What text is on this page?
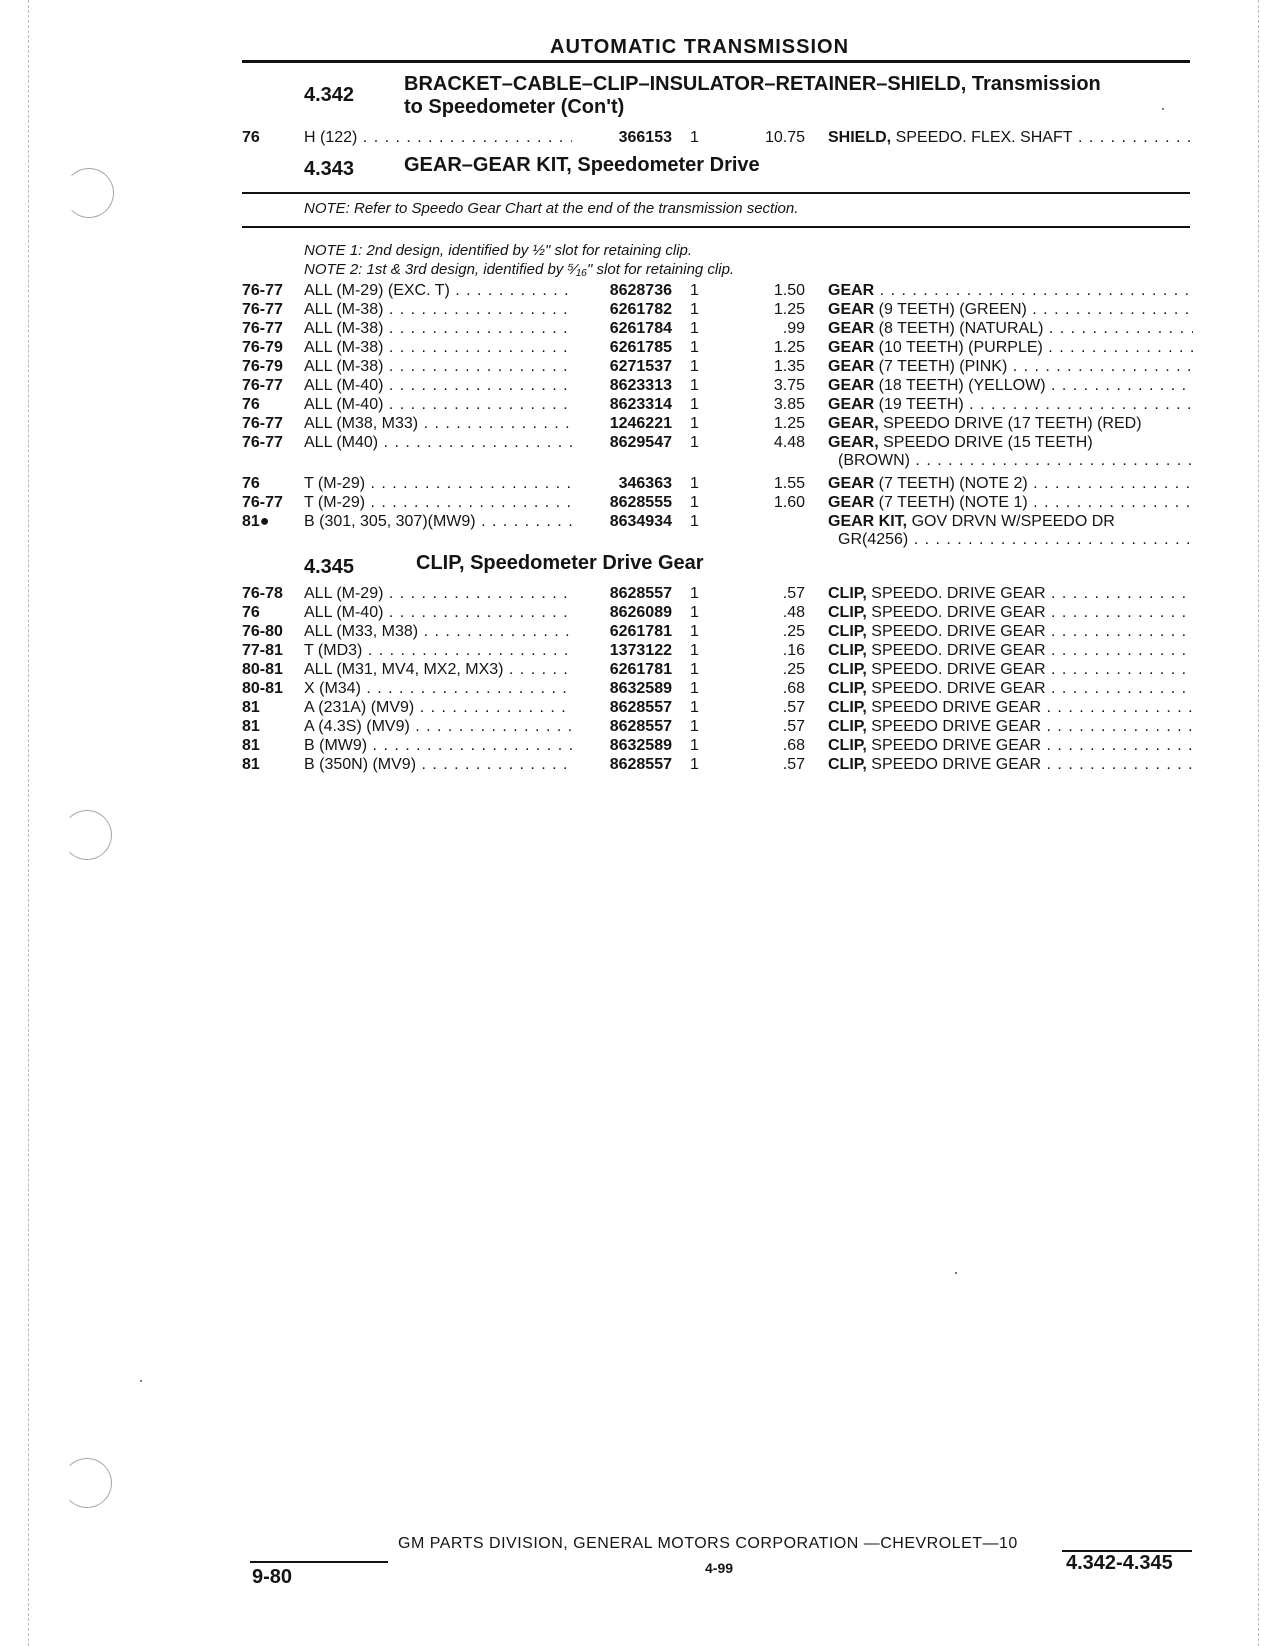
AUTOMATIC TRANSMISSION
4.342 BRACKET–CABLE–CLIP–INSULATOR–RETAINER–SHIELD, Transmission
to Speedometer (Con't)
76	H (122) . . .	366153 1	10.75 SHIELD, SPEEDO. FLEX. SHAFT . . .
4.343 GEAR–GEAR KIT, Speedometer Drive
NOTE: Refer to Speedo Gear Chart at the end of the transmission section.
NOTE 1: 2nd design, identified by ½" slot for retaining clip.
NOTE 2: 1st & 3rd design, identified by ⁵⁄₁₆" slot for retaining clip.
76-77	ALL (M-29) (EXC. T) . . .	8628736 1	1.50 GEAR . . .
76-77	ALL (M-38) . . .	6261782 1	1.25 GEAR (9 TEETH) (GREEN) . . .
76-77	ALL (M-38) . . .	6261784 1	.99 GEAR (8 TEETH) (NATURAL) . . .
76-79	ALL (M-38) . . .	6261785 1	1.25 GEAR (10 TEETH) (PURPLE) . . .
76-79	ALL (M-38) . . .	6271537 1	1.35 GEAR (7 TEETH) (PINK) . . .
76-77	ALL (M-40) . . .	8623313 1	3.75 GEAR (18 TEETH) (YELLOW) . . .
76	ALL (M-40) . . .	8623314 1	3.85 GEAR (19 TEETH) . . .
76-77	ALL (M38, M33) . . .	1246221 1	1.25 GEAR, SPEEDO DRIVE (17 TEETH) (RED)
76-77	ALL (M40) . . .	8629547 1	4.48 GEAR, SPEEDO DRIVE (15 TEETH)
(BROWN) . . .
76	T (M-29) . . .	346363 1	1.55 GEAR (7 TEETH) (NOTE 2) . . .
76-77	T (M-29) . . .	8628555 1	1.60 GEAR (7 TEETH) (NOTE 1) . . .
81●	B (301, 305, 307)(MW9) . . .	8634934 1	GEAR KIT, GOV DRVN W/SPEEDO DR
GR(4256) . . .
4.345	CLIP, Speedometer Drive Gear
76-78	ALL (M-29) . . .	8628557 1	.57 CLIP, SPEEDO. DRIVE GEAR . . .
76	ALL (M-40) . . .	8626089 1	.48 CLIP, SPEEDO. DRIVE GEAR . . .
76-80	ALL (M33, M38) . . .	6261781 1	.25 CLIP, SPEEDO. DRIVE GEAR . . .
77-81	T (MD3) . . .	1373122 1	.16 CLIP, SPEEDO. DRIVE GEAR . . .
80-81	ALL (M31, MV4, MX2, MX3) . . .	6261781 1	.25 CLIP, SPEEDO. DRIVE GEAR . . .
80-81	X (M34) . . .	8632589 1	.68 CLIP, SPEEDO. DRIVE GEAR . . .
81	A (231A) (MV9) . . .	8628557 1	.57 CLIP, SPEEDO DRIVE GEAR . . .
81	A (4.3S) (MV9) . . .	8628557 1	.57 CLIP, SPEEDO DRIVE GEAR . . .
81	B (MW9) . . .	8632589 1	.68 CLIP, SPEEDO DRIVE GEAR . . .
81	B (350N) (MV9) . . .	8628557 1	.57 CLIP, SPEEDO DRIVE GEAR . . .
9-80
GM PARTS DIVISION, GENERAL MOTORS CORPORATION —CHEVROLET—10
4-99	4.342-4.345
